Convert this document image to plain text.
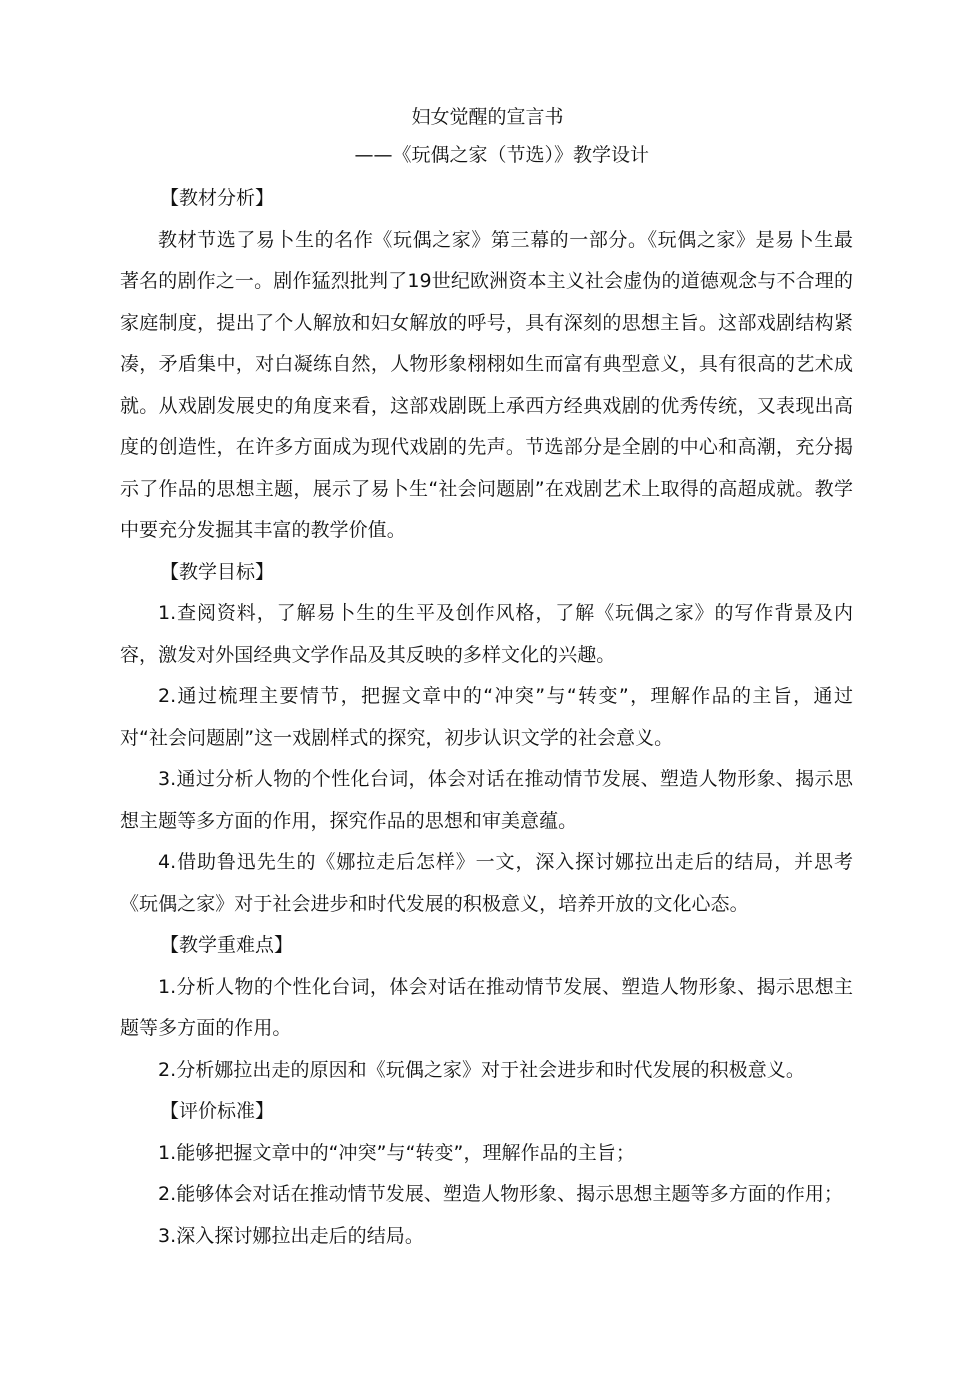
妇女觉醒的宣言书

——《玩偶之家（节选）》教学设计

【教材分析】

教材节选了易卜生的名作《玩偶之家》第三幕的一部分。《玩偶之家》是易卜生最著名的剧作之一。剧作猛烈批判了19世纪欧洲资本主义社会虚伪的道德观念与不合理的家庭制度，提出了个人解放和妇女解放的呼号，具有深刻的思想主旨。这部戏剧结构紧凑，矛盾集中，对白凝练自然，人物形象栩栩如生而富有典型意义，具有很高的艺术成就。从戏剧发展史的角度来看，这部戏剧既上承西方经典戏剧的优秀传统，又表现出高度的创造性，在许多方面成为现代戏剧的先声。节选部分是全剧的中心和高潮，充分揭示了作品的思想主题，展示了易卜生“社会问题剧”在戏剧艺术上取得的高超成就。教学中要充分发掘其丰富的教学价值。

【教学目标】

1.查阅资料，了解易卜生的生平及创作风格，了解《玩偶之家》的写作背景及内容，激发对外国经典文学作品及其反映的多样文化的兴趣。

2.通过梳理主要情节，把握文章中的“冲突”与“转变”，理解作品的主旨，通过对“社会问题剧”这一戏剧样式的探究，初步认识文学的社会意义。

3.通过分析人物的个性化台词，体会对话在推动情节发展、塑造人物形象、揭示思想主题等多方面的作用，探究作品的思想和审美意蕴。

4.借助鲁迅先生的《娜拉走后怎样》一文，深入探讨娜拉出走后的结局，并思考《玩偶之家》对于社会进步和时代发展的积极意义，培养开放的文化心态。

【教学重难点】

1.分析人物的个性化台词，体会对话在推动情节发展、塑造人物形象、揭示思想主题等多方面的作用。

2.分析娜拉出走的原因和《玩偶之家》对于社会进步和时代发展的积极意义。

【评价标准】

1.能够把握文章中的“冲突”与“转变”，理解作品的主旨；

2.能够体会对话在推动情节发展、塑造人物形象、揭示思想主题等多方面的作用；

3.深入探讨娜拉出走后的结局。
